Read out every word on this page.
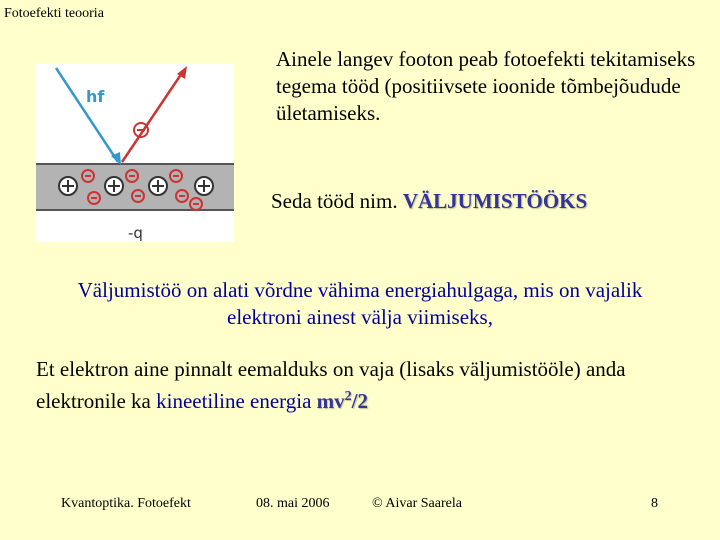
Fotoefekti teooria
hf
-q
Ainele langev footon peab fotoefekti tekitamiseks tegema tööd (positiivsete ioonide tõmbejõudude ületamiseks.
Seda tööd nim. VÄLJUMISTÖÖKS
Väljumistöö on alati võrdne vähima energiahulgaga, mis on vajalik elektroni ainest välja viimiseks,
Et elektron aine pinnalt eemalduks on vaja (lisaks väljumistööle) anda elektronile ka kineetiline energia $mv^2/2$
Kvantoptika. Fotoefekt	08. mai 2006	© Aivar Saarela	8
